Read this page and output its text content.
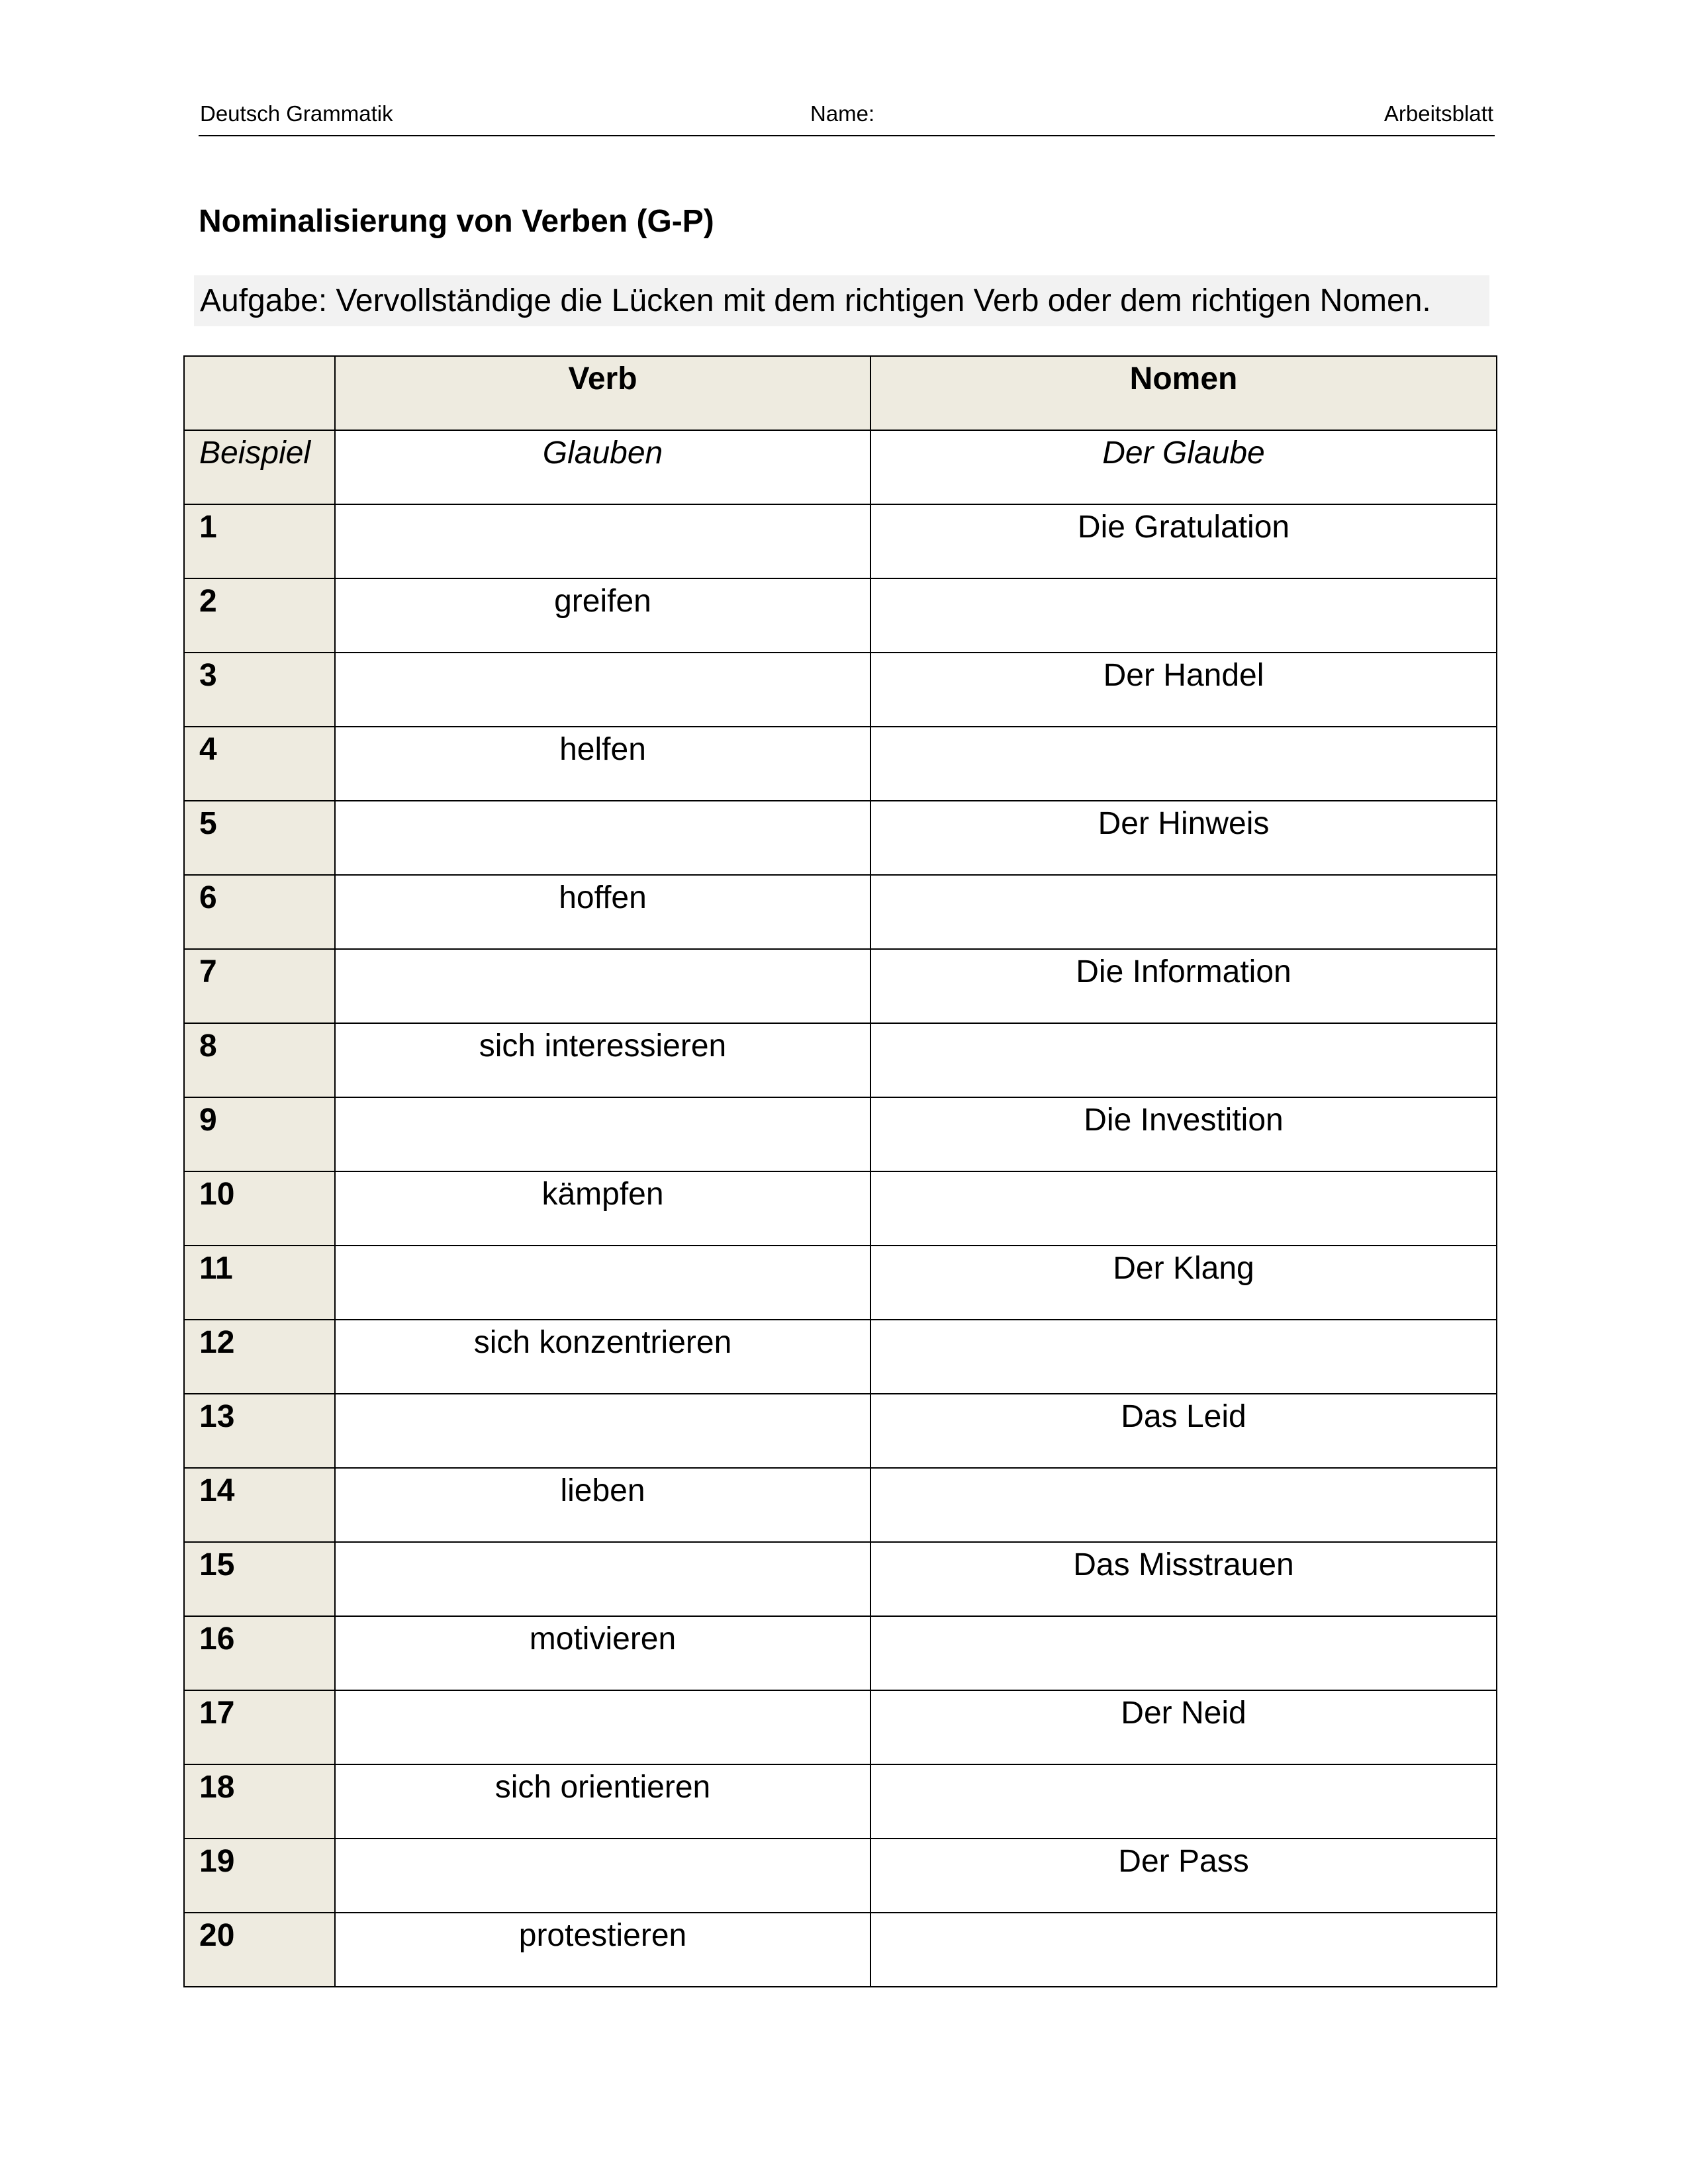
Deutsch Grammatik	Name:	Arbeitsblatt
Nominalisierung von Verben (G-P)
Aufgabe: Vervollständige die Lücken mit dem richtigen Verb oder dem richtigen Nomen.
	Verb	Nomen
Beispiel	Glauben	Der Glaube
1		Die Gratulation
2	greifen	
3		Der Handel
4	helfen	
5		Der Hinweis
6	hoffen	
7		Die Information
8	sich interessieren	
9		Die Investition
10	kämpfen	
11		Der Klang
12	sich konzentrieren	
13		Das Leid
14	lieben	
15		Das Misstrauen
16	motivieren	
17		Der Neid
18	sich orientieren	
19		Der Pass
20	protestieren	
